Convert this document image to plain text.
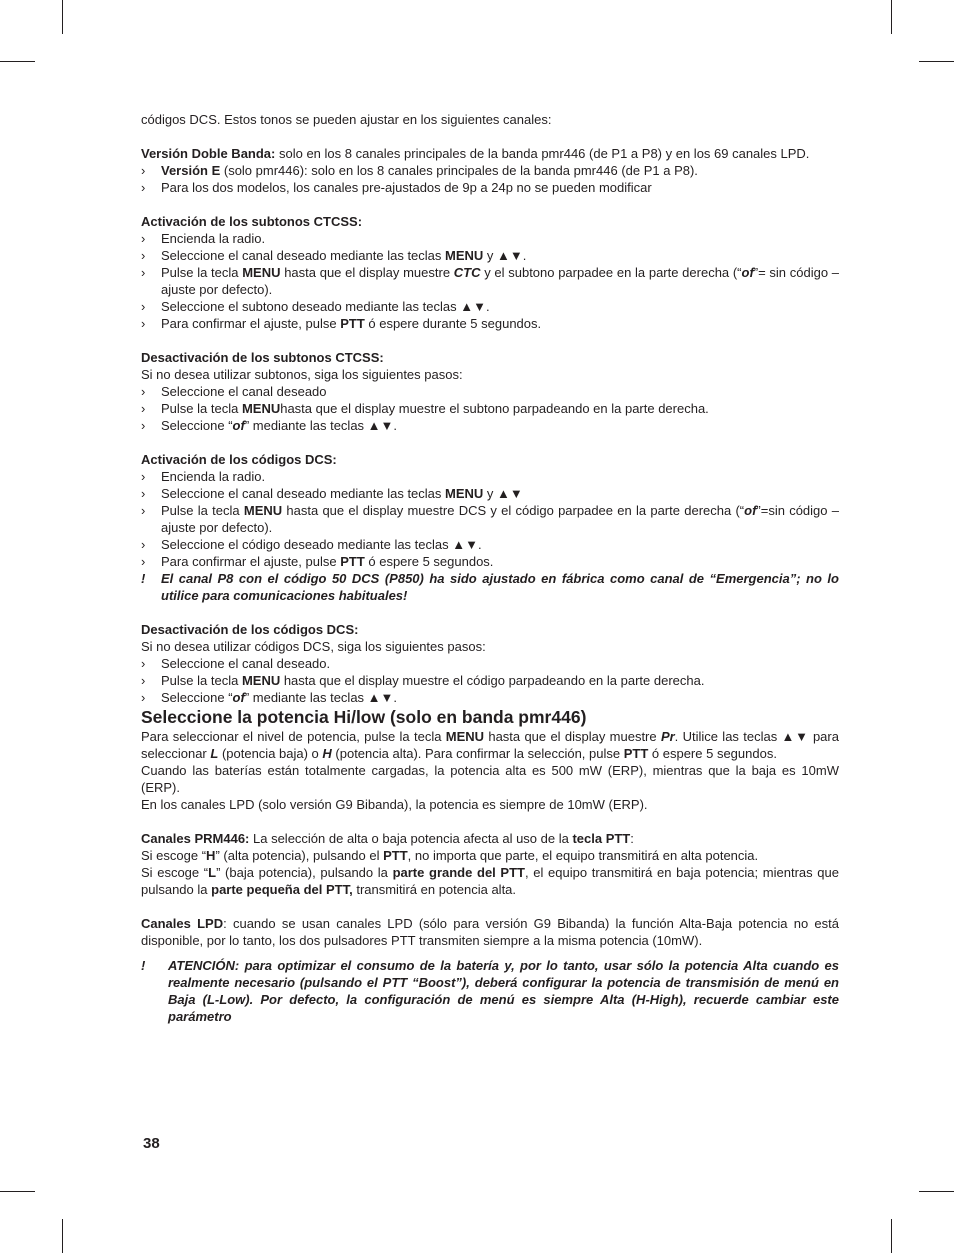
códigos DCS. Estos tonos se pueden ajustar en los siguientes canales:

Versión Doble Banda: solo en los 8 canales principales de la banda pmr446 (de P1 a P8) y en los 69 canales LPD.

›	Versión E (solo pmr446): solo en los 8 canales principales de la banda pmr446 (de P1 a P8).
›	Para los dos modelos, los canales pre-ajustados de 9p a 24p no se pueden modificar

Activación de los subtonos CTCSS:

›	Encienda la radio.
›	Seleccione el canal deseado mediante las teclas MENU y ▲▼.
›	Pulse la tecla MENU hasta que el display muestre CTC y el subtono parpadee en la parte derecha (“of”= sin código – ajuste por defecto).
›	Seleccione el subtono deseado mediante las teclas ▲▼.
›	Para confirmar el ajuste, pulse PTT ó espere durante 5 segundos.

Desactivación de los subtonos CTCSS:

Si no desea utilizar subtonos, siga los siguientes pasos:

›	Seleccione el canal deseado
›	Pulse la tecla MENUhasta que el display muestre el subtono parpadeando en la parte derecha.
›	Seleccione “of” mediante las teclas ▲▼.

Activación de los códigos DCS:

›	Encienda la radio.
›	Seleccione el canal deseado mediante las teclas MENU y ▲▼
›	Pulse la tecla MENU hasta que el display muestre DCS y el código parpadee en la parte derecha (“of”=sin código – ajuste por defecto).
›	Seleccione el código deseado mediante las teclas ▲▼.
›	Para confirmar el ajuste, pulse PTT ó espere 5 segundos.
!	El canal P8 con el código 50 DCS (P850) ha sido ajustado en fábrica como canal de “Emergencia”; no lo utilice para comunicaciones habituales!

Desactivación de los códigos DCS:

Si no desea utilizar códigos DCS, siga los siguientes pasos:

›	Seleccione el canal deseado.
›	Pulse la tecla MENU hasta que el display muestre el código parpadeando en la parte derecha.
›	Seleccione “of” mediante las teclas ▲▼.

Seleccione la potencia Hi/low (solo en banda pmr446)

Para seleccionar el nivel de potencia, pulse la tecla MENU hasta que el display muestre Pr. Utilice las teclas ▲▼ para seleccionar L (potencia baja) o H (potencia alta). Para confirmar la selección, pulse PTT ó espere 5 segundos.

Cuando las baterías están totalmente cargadas, la potencia alta es 500 mW (ERP), mientras que la baja es 10mW (ERP).

En los canales LPD (solo versión G9 Bibanda), la potencia es siempre de 10mW (ERP).

Canales PRM446: La selección de alta o baja potencia afecta al uso de la tecla PTT:

Si escoge “H” (alta potencia), pulsando el PTT, no importa que parte, el equipo transmitirá en alta potencia.

Si escoge “L” (baja potencia), pulsando la parte grande del PTT, el equipo transmitirá en baja potencia; mientras que pulsando la parte pequeña del PTT, transmitirá en potencia alta.

Canales LPD: cuando se usan canales LPD (sólo para versión G9 Bibanda) la función Alta-Baja potencia no está disponible, por lo tanto, los dos pulsadores PTT transmiten siempre a la misma potencia (10mW).

!	ATENCIÓN: para optimizar el consumo de la batería y, por lo tanto, usar sólo la potencia Alta cuando es realmente necesario (pulsando el PTT “Boost”), deberá configurar la potencia de transmisión de menú en Baja (L-Low). Por defecto, la configuración de menú es siempre Alta (H-High), recuerde cambiar este parámetro
38
